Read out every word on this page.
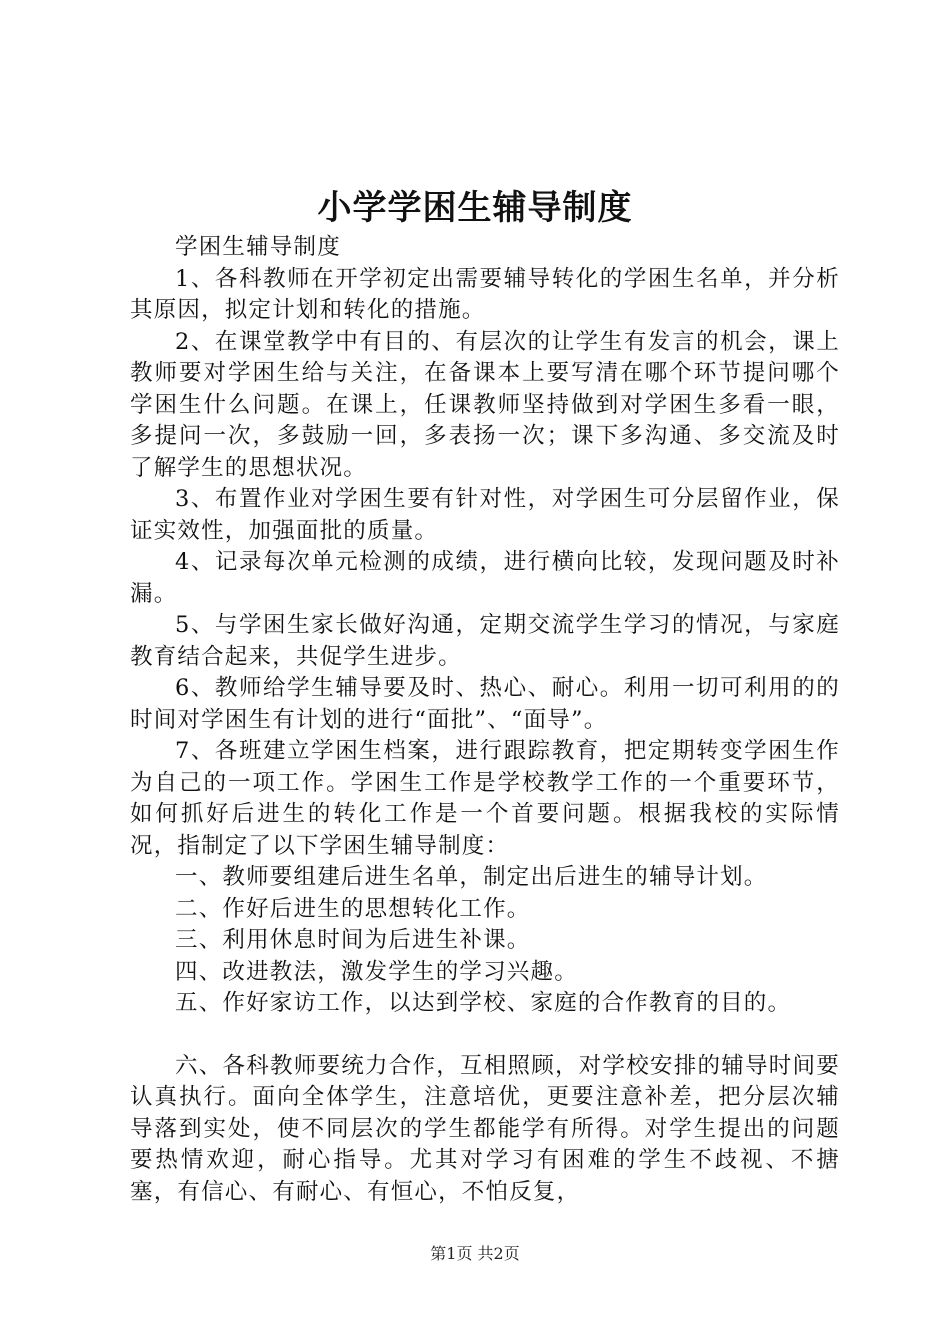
小学学困生辅导制度

学困生辅导制度

1、各科教师在开学初定出需要辅导转化的学困生名单，并分析其原因，拟定计划和转化的措施。

2、在课堂教学中有目的、有层次的让学生有发言的机会，课上教师要对学困生给与关注，在备课本上要写清在哪个环节提问哪个学困生什么问题。在课上，任课教师坚持做到对学困生多看一眼，多提问一次，多鼓励一回，多表扬一次；课下多沟通、多交流及时了解学生的思想状况。

3、布置作业对学困生要有针对性，对学困生可分层留作业，保证实效性，加强面批的质量。

4、记录每次单元检测的成绩，进行横向比较，发现问题及时补漏。

5、与学困生家长做好沟通，定期交流学生学习的情况，与家庭教育结合起来，共促学生进步。

6、教师给学生辅导要及时、热心、耐心。利用一切可利用的的时间对学困生有计划的进行“面批”、“面导”。

7、各班建立学困生档案，进行跟踪教育，把定期转变学困生作为自己的一项工作。学困生工作是学校教学工作的一个重要环节，如何抓好后进生的转化工作是一个首要问题。根据我校的实际情况，指制定了以下学困生辅导制度：

一、教师要组建后进生名单，制定出后进生的辅导计划。

二、作好后进生的思想转化工作。

三、利用休息时间为后进生补课。

四、改进教法，激发学生的学习兴趣。

五、作好家访工作，以达到学校、家庭的合作教育的目的。

六、各科教师要统力合作，互相照顾，对学校安排的辅导时间要认真执行。面向全体学生，注意培优，更要注意补差，把分层次辅导落到实处，使不同层次的学生都能学有所得。对学生提出的问题要热情欢迎，耐心指导。尤其对学习有困难的学生不歧视、不搪塞，有信心、有耐心、有恒心，不怕反复，

第1页 共2页
